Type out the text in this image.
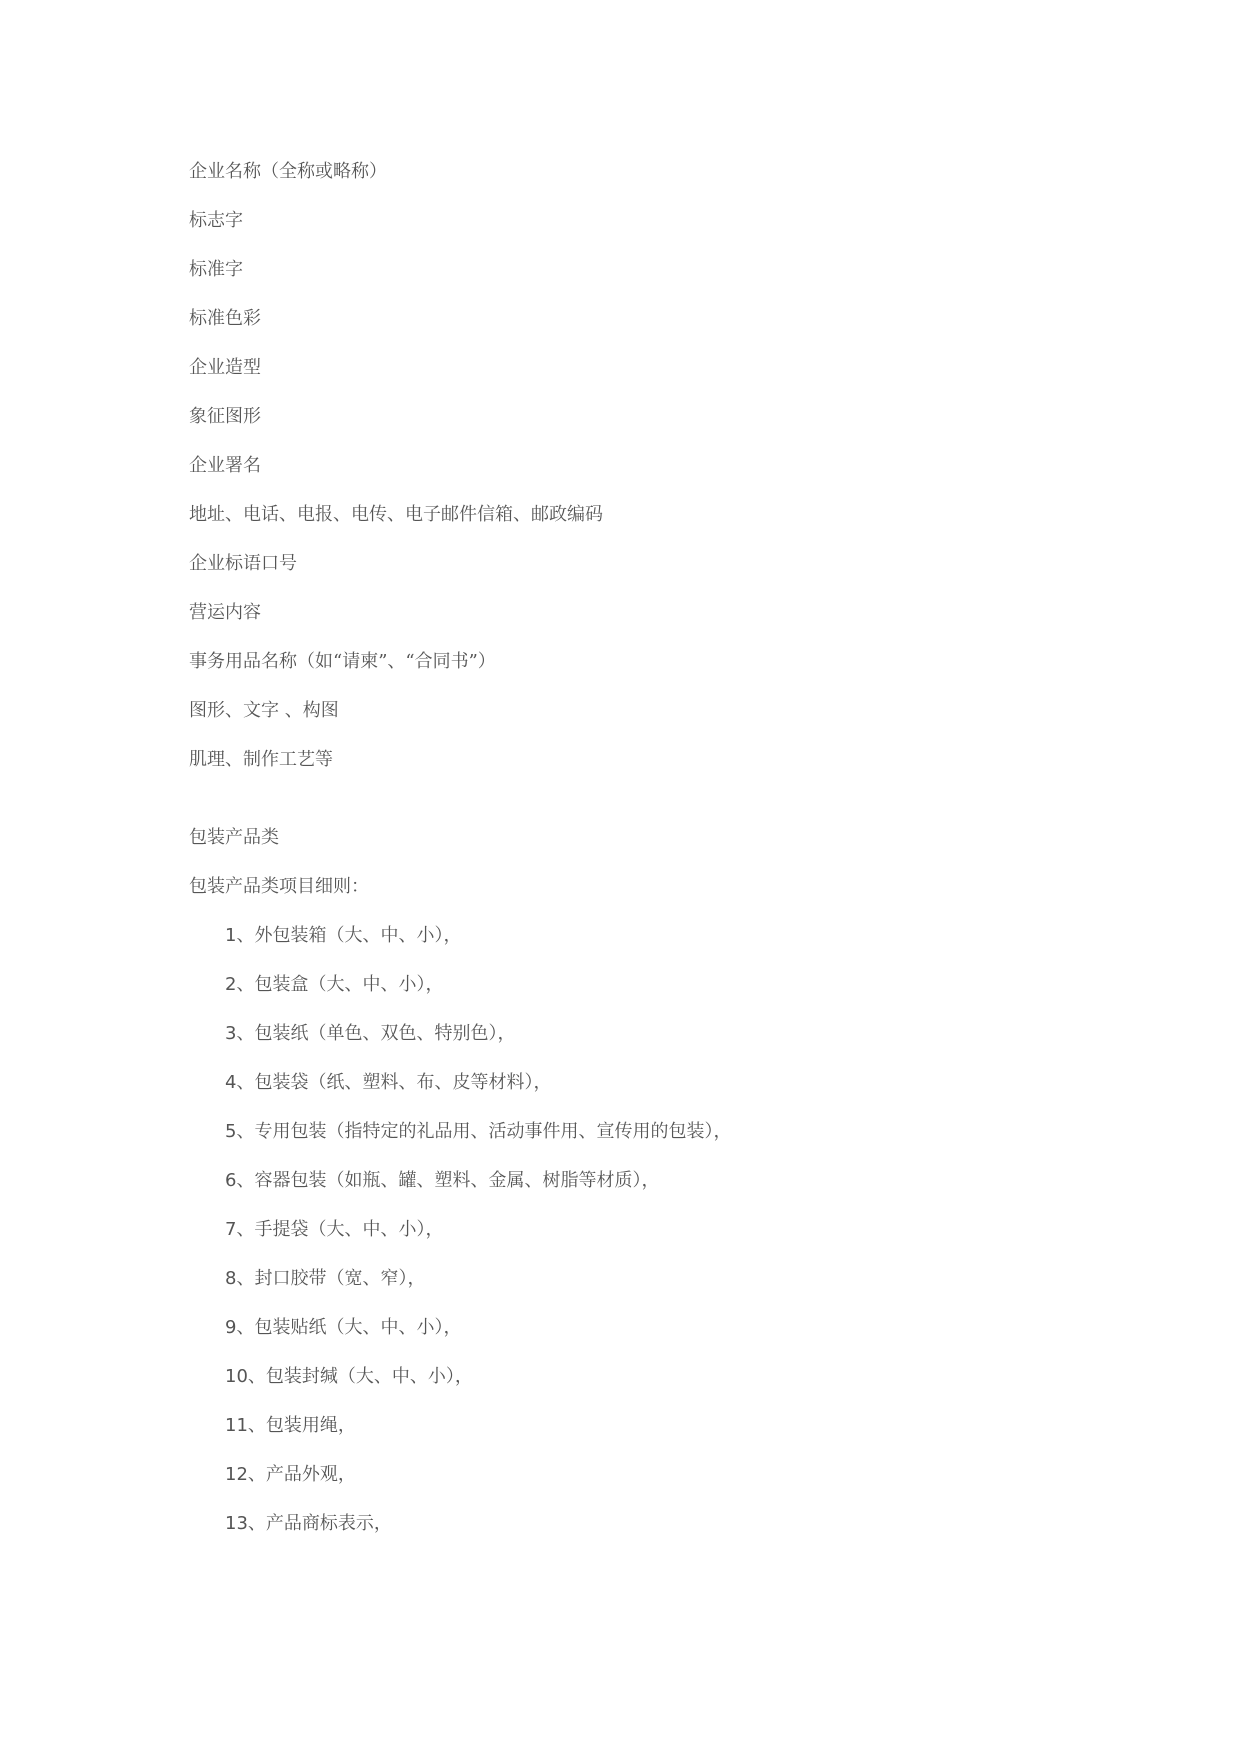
企业名称（全称或略称）
标志字
标准字
标准色彩
企业造型
象征图形
企业署名
地址、电话、电报、电传、电子邮件信箱、邮政编码
企业标语口号
营运内容
事务用品名称（如“请柬”、“合同书”）
图形、文字 、构图
肌理、制作工艺等
包装产品类
包装产品类项目细则：
1、外包装箱（大、中、小），
2、包装盒（大、中、小），
3、包装纸（单色、双色、特别色），
4、包装袋（纸、塑料、布、皮等材料），
5、专用包装（指特定的礼品用、活动事件用、宣传用的包装），
6、容器包装（如瓶、罐、塑料、金属、树脂等材质），
7、手提袋（大、中、小），
8、封口胶带（宽、窄），
9、包装贴纸（大、中、小），
10、包装封缄（大、中、小），
11、包装用绳，
12、产品外观，
13、产品商标表示，
